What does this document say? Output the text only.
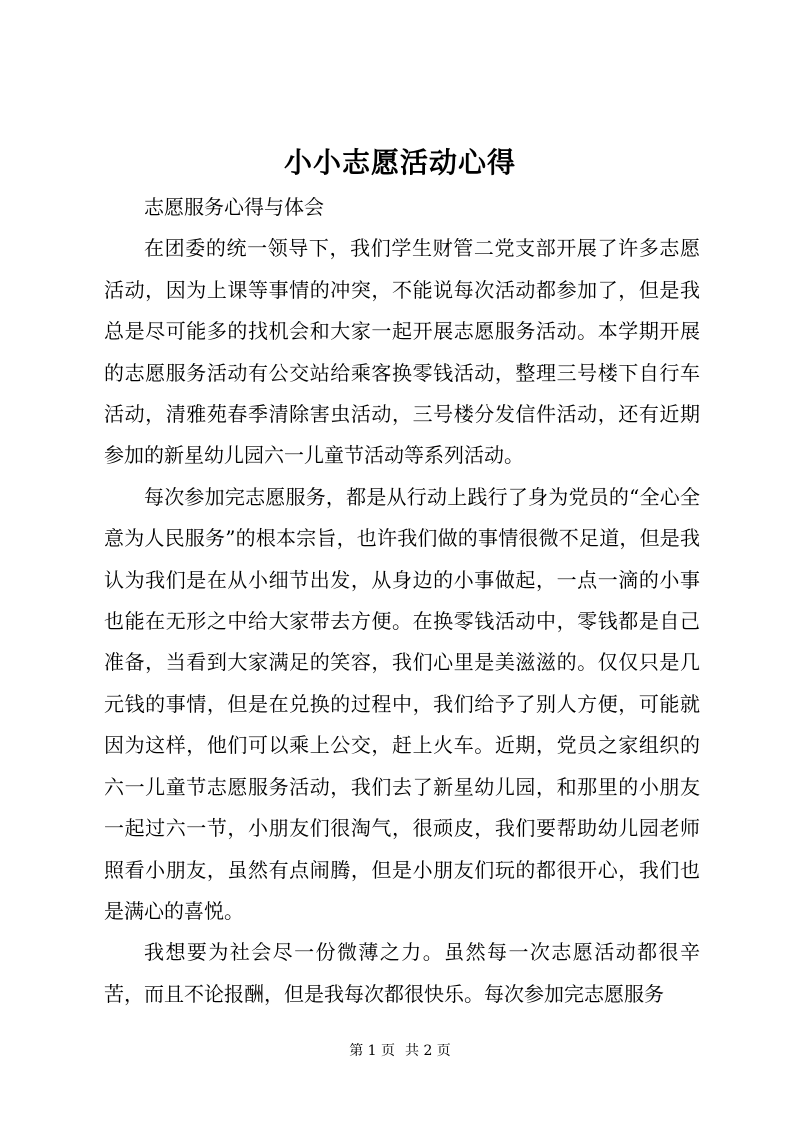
小小志愿活动心得

志愿服务心得与体会

在团委的统一领导下，我们学生财管二党支部开展了许多志愿活动，因为上课等事情的冲突，不能说每次活动都参加了，但是我总是尽可能多的找机会和大家一起开展志愿服务活动。本学期开展的志愿服务活动有公交站给乘客换零钱活动，整理三号楼下自行车活动，清雅苑春季清除害虫活动，三号楼分发信件活动，还有近期参加的新星幼儿园六一儿童节活动等系列活动。

每次参加完志愿服务，都是从行动上践行了身为党员的“全心全意为人民服务”的根本宗旨，也许我们做的事情很微不足道，但是我认为我们是在从小细节出发，从身边的小事做起，一点一滴的小事也能在无形之中给大家带去方便。在换零钱活动中，零钱都是自己准备，当看到大家满足的笑容，我们心里是美滋滋的。仅仅只是几元钱的事情，但是在兑换的过程中，我们给予了别人方便，可能就因为这样，他们可以乘上公交，赶上火车。近期，党员之家组织的六一儿童节志愿服务活动，我们去了新星幼儿园，和那里的小朋友一起过六一节，小朋友们很淘气，很顽皮，我们要帮助幼儿园老师照看小朋友，虽然有点闹腾，但是小朋友们玩的都很开心，我们也是满心的喜悦。

我想要为社会尽一份微薄之力。虽然每一次志愿活动都很辛苦，而且不论报酬，但是我每次都很快乐。每次参加完志愿服务

第 1 页 共 2 页
